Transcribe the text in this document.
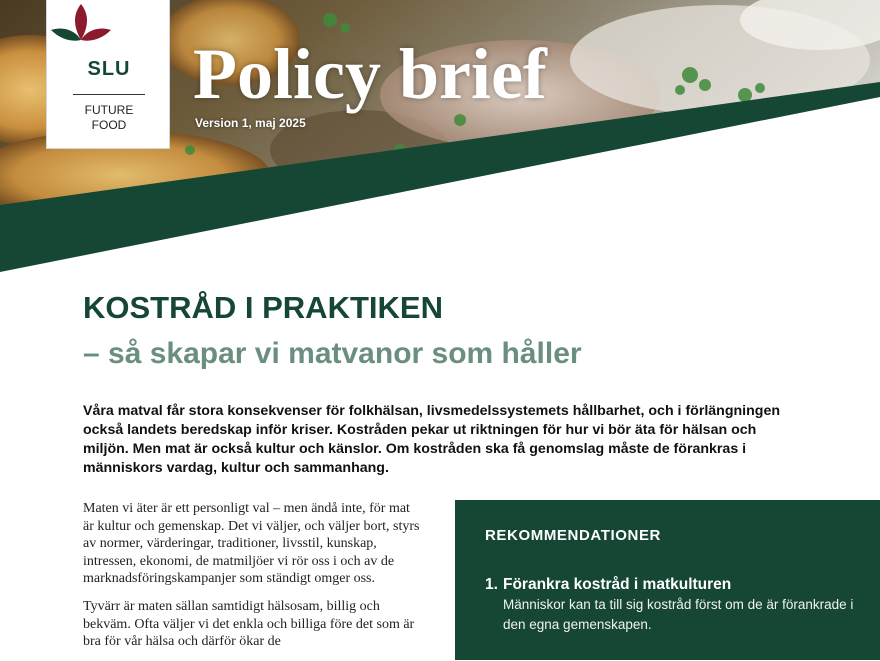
SLU
FUTURE
FOOD
Policy brief
Version 1, maj 2025
KOSTRÅD I PRAKTIKEN
– så skapar vi matvanor som håller

Våra matval får stora konsekvenser för folkhälsan, livsmedelssystemets hållbarhet, och i förlängningen också landets beredskap inför kriser. Kostråden pekar ut riktningen för hur vi bör äta för hälsan och miljön. Men mat är också kultur och känslor. Om kostråden ska få genomslag måste de förankras i människors vardag, kultur och sammanhang.

Maten vi äter är ett personligt val – men ändå inte, för mat är kultur och gemenskap. Det vi väljer, och väljer bort, styrs av normer, värderingar, traditioner, livsstil, kunskap, intressen, ekonomi, de matmiljöer vi rör oss i och av de marknadsföringskampanjer som ständigt omger oss.

Tyvärr är maten sällan samtidigt hälsosam, billig och bekväm. Ofta väljer vi det enkla och billiga före det som är bra för vår hälsa och därför ökar de

REKOMMENDATIONER
1. Förankra kostråd i matkulturen
Människor kan ta till sig kostråd först om de är förankrade i den egna gemenskapen.
